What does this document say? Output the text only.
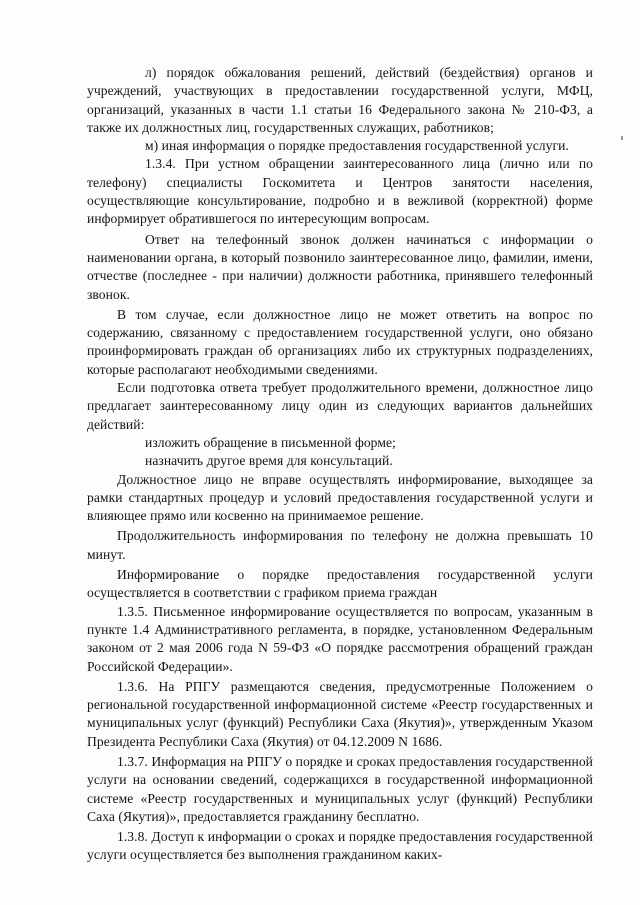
л) порядок обжалования решений, действий (бездействия) органов и учреждений, участвующих в предоставлении государственной услуги, МФЦ, организаций, указанных в части 1.1 статьи 16 Федерального закона № 210-ФЗ, а также их должностных лиц, государственных служащих, работников;

м) иная информация о порядке предоставления государственной услуги.

1.3.4. При устном обращении заинтересованного лица (лично или по телефону) специалисты Госкомитета и Центров занятости населения, осуществляющие консультирование, подробно и в вежливой (корректной) форме информирует обратившегося по интересующим вопросам.

Ответ на телефонный звонок должен начинаться с информации о наименовании органа, в который позвонило заинтересованное лицо, фамилии, имени, отчестве (последнее - при наличии) должности работника, принявшего телефонный звонок.

В том случае, если должностное лицо не может ответить на вопрос по содержанию, связанному с предоставлением государственной услуги, оно обязано проинформировать граждан об организациях либо их структурных подразделениях, которые располагают необходимыми сведениями.

Если подготовка ответа требует продолжительного времени, должностное лицо предлагает заинтересованному лицу один из следующих вариантов дальнейших действий:

изложить обращение в письменной форме;

назначить другое время для консультаций.

Должностное лицо не вправе осуществлять информирование, выходящее за рамки стандартных процедур и условий предоставления государственной услуги и влияющее прямо или косвенно на принимаемое решение.

Продолжительность информирования по телефону не должна превышать 10 минут.

Информирование о порядке предоставления государственной услуги осуществляется в соответствии с графиком приема граждан

1.3.5. Письменное информирование осуществляется по вопросам, указанным в пункте 1.4 Административного регламента, в порядке, установленном Федеральным законом от 2 мая 2006 года N 59-ФЗ «О порядке рассмотрения обращений граждан Российской Федерации».

1.3.6. На РПГУ размещаются сведения, предусмотренные Положением о региональной государственной информационной системе «Реестр государственных и муниципальных услуг (функций) Республики Саха (Якутия)», утвержденным Указом Президента Республики Саха (Якутия) от 04.12.2009 N 1686.

1.3.7. Информация на РПГУ о порядке и сроках предоставления государственной услуги на основании сведений, содержащихся в государственной информационной системе «Реестр государственных и муниципальных услуг (функций) Республики Саха (Якутия)», предоставляется гражданину бесплатно.

1.3.8. Доступ к информации о сроках и порядке предоставления государственной услуги осуществляется без выполнения гражданином каких-
